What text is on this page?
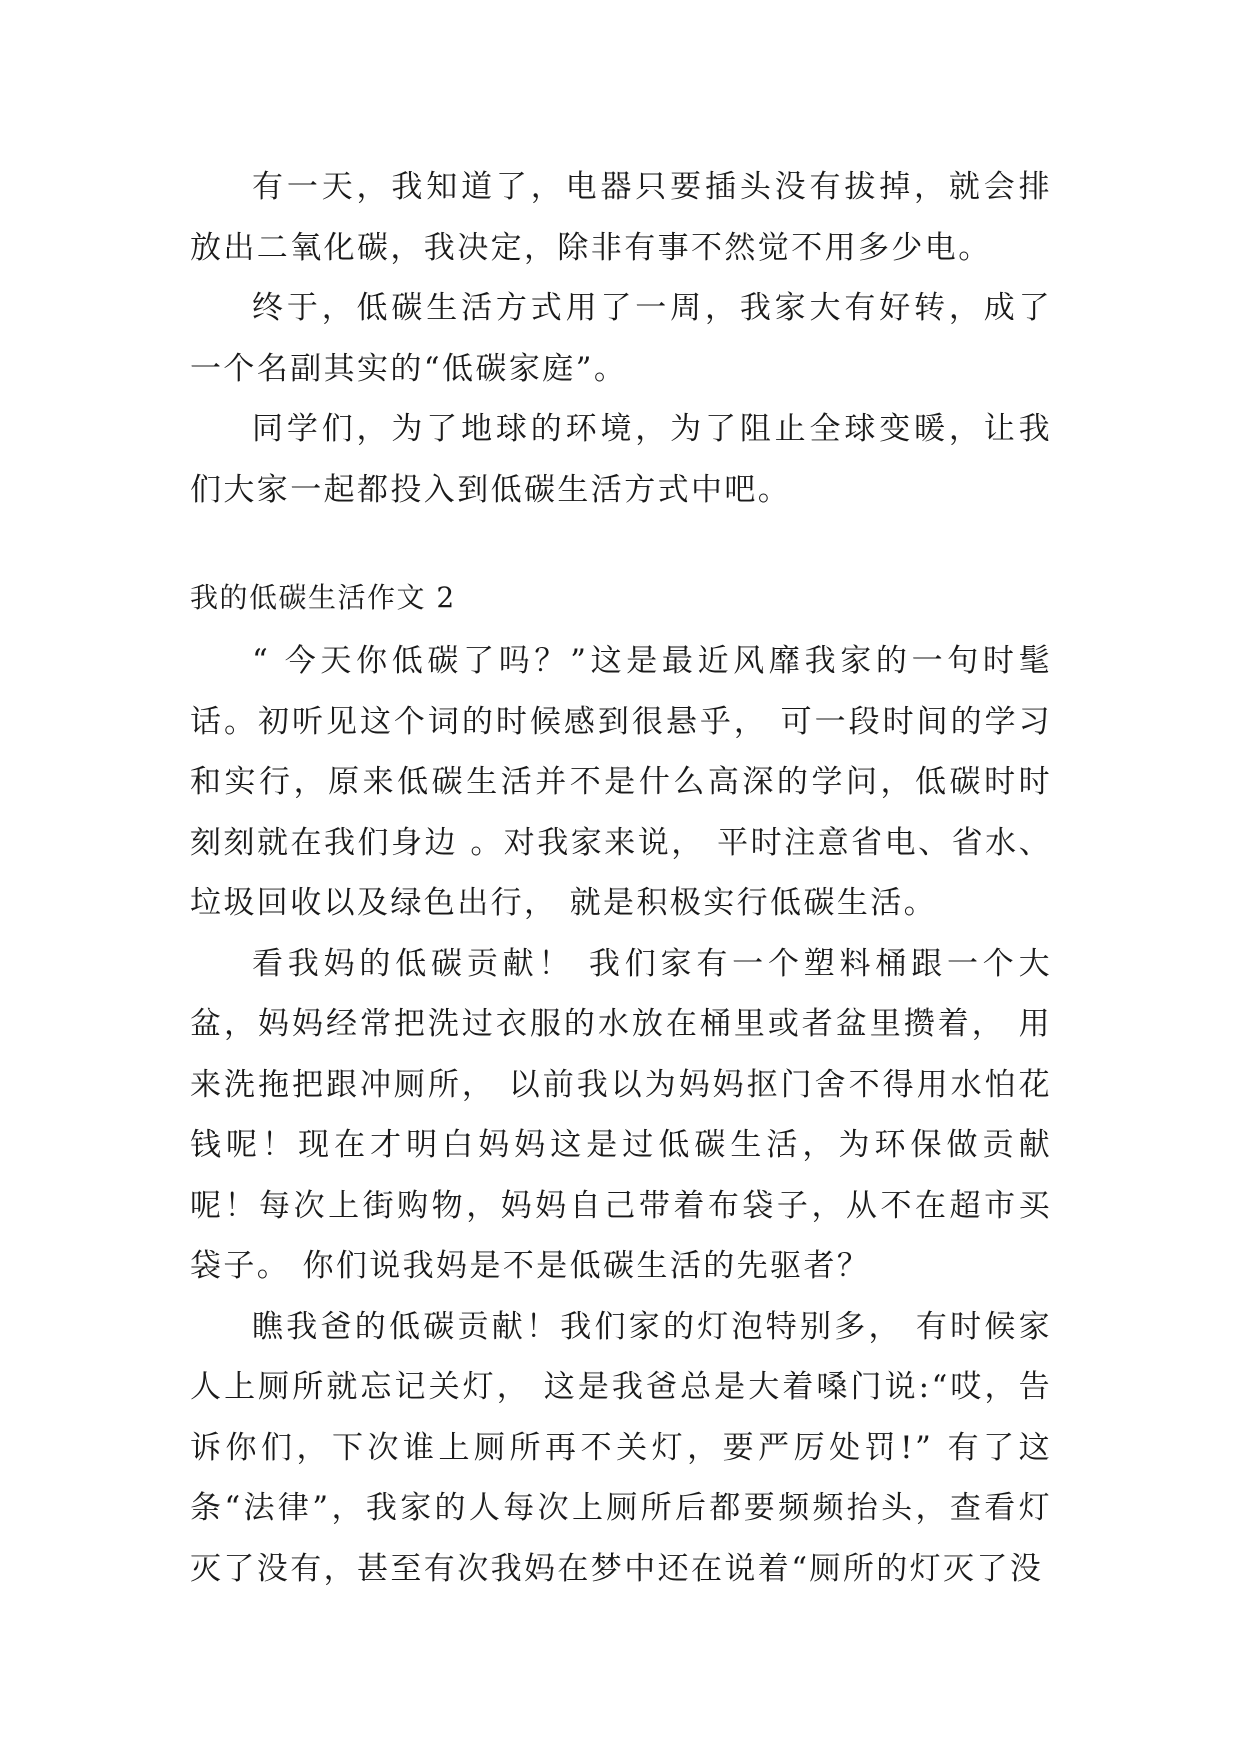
有一天，我知道了，电器只要插头没有拔掉，就会排放出二氧化碳，我决定，除非有事不然觉不用多少电。

终于，低碳生活方式用了一周，我家大有好转，成了一个名副其实的“低碳家庭”。

同学们，为了地球的环境，为了阻止全球变暖，让我们大家一起都投入到低碳生活方式中吧。

我的低碳生活作文 2

“ 今天你低碳了吗？”这是最近风靡我家的一句时髦话。初听见这个词的时候感到很悬乎， 可一段时间的学习和实行，原来低碳生活并不是什么高深的学问，低碳时时刻刻就在我们身边 。对我家来说， 平时注意省电、省水、垃圾回收以及绿色出行， 就是积极实行低碳生活。

看我妈的低碳贡献！ 我们家有一个塑料桶跟一个大盆，妈妈经常把洗过衣服的水放在桶里或者盆里攒着， 用来洗拖把跟冲厕所， 以前我以为妈妈抠门舍不得用水怕花钱呢！现在才明白妈妈这是过低碳生活，为环保做贡献呢！每次上街购物，妈妈自己带着布袋子，从不在超市买袋子。 你们说我妈是不是低碳生活的先驱者？

瞧我爸的低碳贡献！我们家的灯泡特别多， 有时候家人上厕所就忘记关灯， 这是我爸总是大着嗓门说:“哎，告诉你们，下次谁上厕所再不关灯，要严厉处罚!” 有了这条“法律”，我家的人每次上厕所后都要频频抬头，查看灯灭了没有，甚至有次我妈在梦中还在说着“厕所的灯灭了没
